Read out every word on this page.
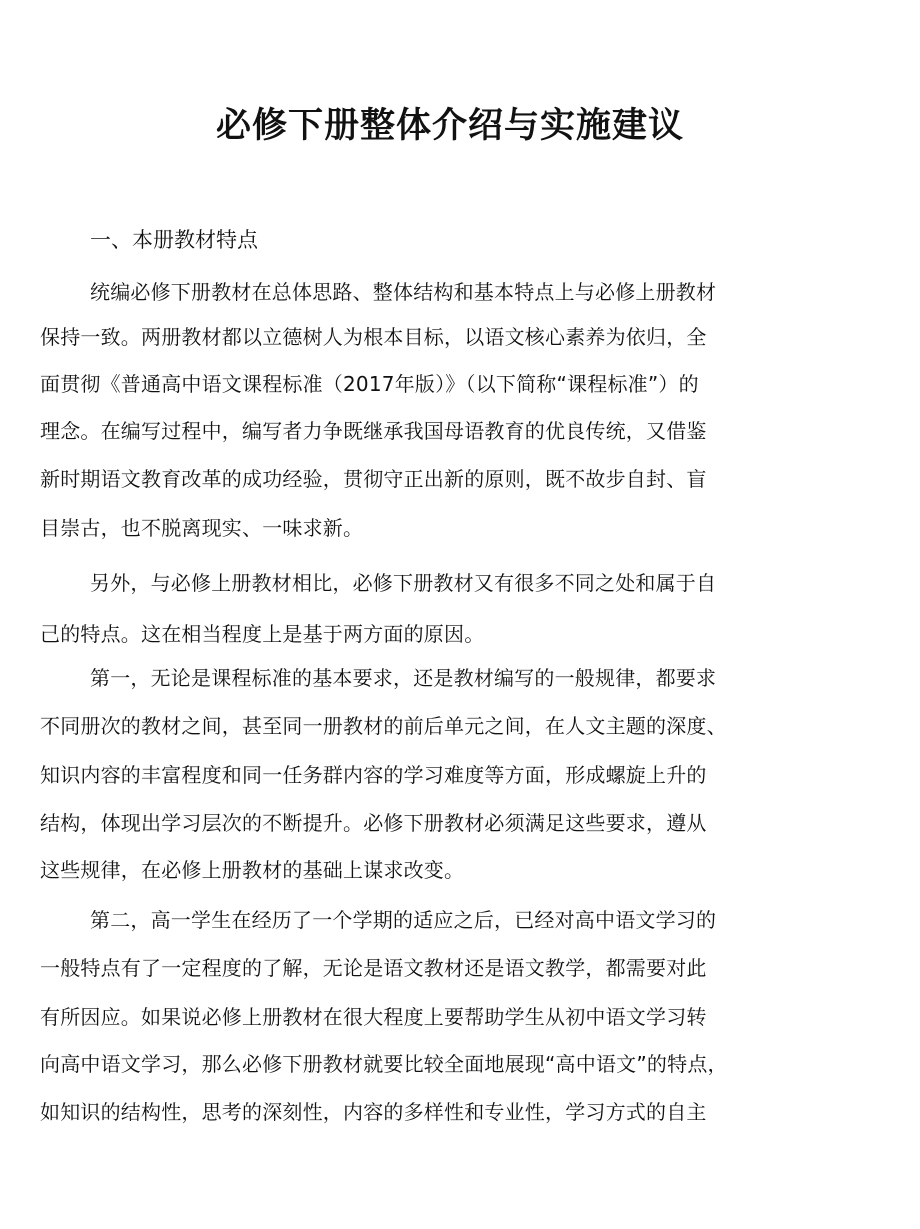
必修下册整体介绍与实施建议
一、本册教材特点
统编必修下册教材在总体思路、整体结构和基本特点上与必修上册教材
保持一致。两册教材都以立德树人为根本目标，以语文核心素养为依归，全
面贯彻《普通高中语文课程标准（2017年版）》（以下简称“课程标准”）的
理念。在编写过程中，编写者力争既继承我国母语教育的优良传统，又借鉴
新时期语文教育改革的成功经验，贯彻守正出新的原则，既不故步自封、盲
目崇古，也不脱离现实、一味求新。
另外，与必修上册教材相比，必修下册教材又有很多不同之处和属于自
己的特点。这在相当程度上是基于两方面的原因。
第一，无论是课程标准的基本要求，还是教材编写的一般规律，都要求
不同册次的教材之间，甚至同一册教材的前后单元之间，在人文主题的深度、
知识内容的丰富程度和同一任务群内容的学习难度等方面，形成螺旋上升的
结构，体现出学习层次的不断提升。必修下册教材必须满足这些要求，遵从
这些规律，在必修上册教材的基础上谋求改变。
第二，高一学生在经历了一个学期的适应之后，已经对高中语文学习的
一般特点有了一定程度的了解，无论是语文教材还是语文教学，都需要对此
有所因应。如果说必修上册教材在很大程度上要帮助学生从初中语文学习转
向高中语文学习，那么必修下册教材就要比较全面地展现“高中语文”的特点，
如知识的结构性，思考的深刻性，内容的多样性和专业性，学习方式的自主
